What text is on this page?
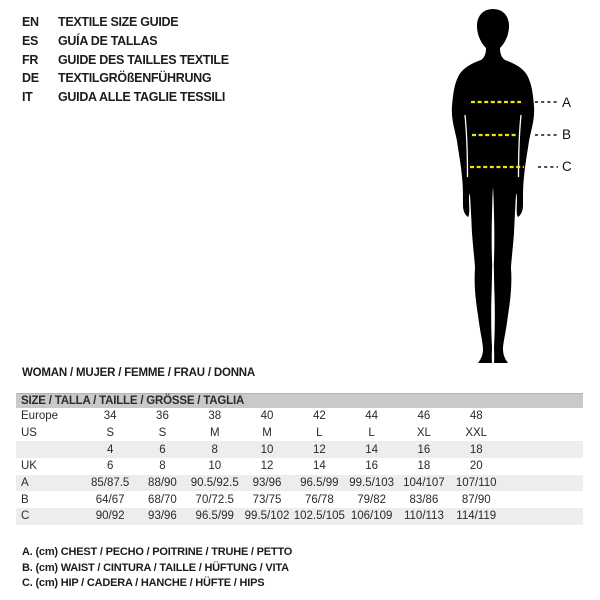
EN	TEXTILE SIZE GUIDE
ES	GUÍA DE TALLAS
FR	GUIDE DES TAILLES TEXTILE
DE	TEXTILGRÖßENFÜHRUNG
IT	GUIDA ALLE TAGLIE TESSILI	A
B
C
WOMAN / MUJER / FEMME / FRAU / DONNA
SIZE / TALLA / TAILLE / GRÖSSE / TAGLIA
Europe	34	36	38	40	42	44	46	48	
US	S	S	M	M	L	L	XL	XXL	
	4	6	8	10	12	14	16	18	
UK	6	8	10	12	14	16	18	20	
A	85/87.5	88/90	90.5/92.5	93/96	96.5/99	99.5/103	104/107	107/110	
B	64/67	68/70	70/72.5	73/75	76/78	79/82	83/86	87/90	
C	90/92	93/96	96.5/99	99.5/102	102.5/105	106/109	110/113	114/119	
A. (cm) CHEST / PECHO / POITRINE / TRUHE / PETTO
B. (cm) WAIST / CINTURA / TAILLE / HÜFTUNG / VITA
C. (cm) HIP / CADERA / HANCHE / HÜFTE / HIPS
